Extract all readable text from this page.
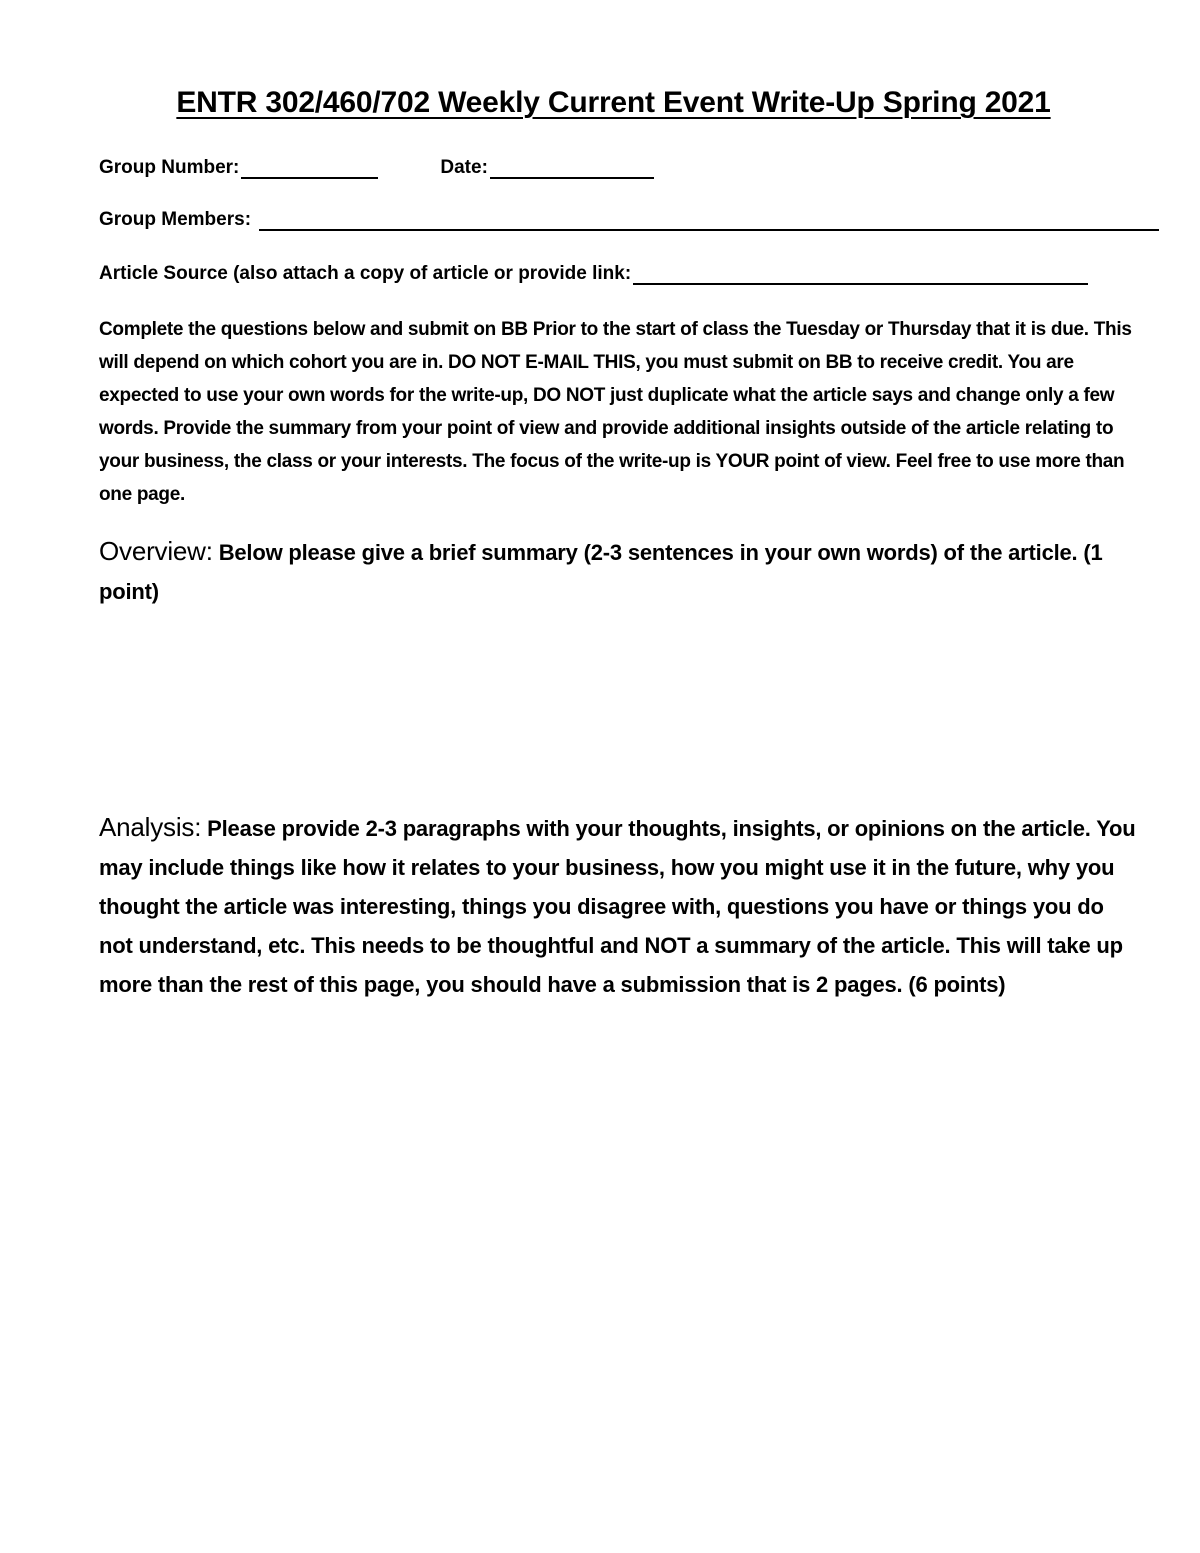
ENTR 302/460/702 Weekly Current Event Write-Up Spring 2021
Group Number:	Date:
Group Members:
Article Source (also attach a copy of article or provide link:

Complete the questions below and submit on BB Prior to the start of class the Tuesday or Thursday that it is due. This will depend on which cohort you are in. DO NOT E-MAIL THIS, you must submit on BB to receive credit. You are expected to use your own words for the write-up, DO NOT just duplicate what the article says and change only a few words. Provide the summary from your point of view and provide additional insights outside of the article relating to your business, the class or your interests. The focus of the write-up is YOUR point of view. Feel free to use more than one page.

Overview: Below please give a brief summary (2-3 sentences in your own words) of the article. (1 point)

Analysis: Please provide 2-3 paragraphs with your thoughts, insights, or opinions on the article. You may include things like how it relates to your business, how you might use it in the future, why you thought the article was interesting, things you disagree with, questions you have or things you do not understand, etc. This needs to be thoughtful and NOT a summary of the article. This will take up more than the rest of this page, you should have a submission that is 2 pages. (6 points)
